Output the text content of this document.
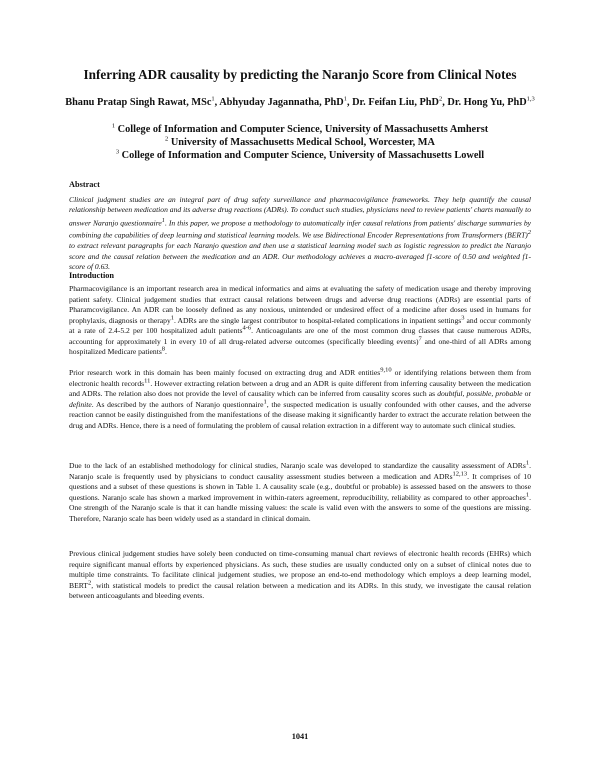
Inferring ADR causality by predicting the Naranjo Score from Clinical Notes
Bhanu Pratap Singh Rawat, MSc$^1$, Abhyuday Jagannatha, PhD$^1$, Dr. Feifan Liu, PhD$^2$, Dr. Hong Yu, PhD$^{1,3}$
$^1$ College of Information and Computer Science, University of Massachusetts Amherst
$^2$ University of Massachusetts Medical School, Worcester, MA
$^3$ College of Information and Computer Science, University of Massachusetts Lowell
Abstract
Clinical judgment studies are an integral part of drug safety surveillance and pharmacovigilance frameworks. They help quantify the causal relationship between medication and its adverse drug reactions (ADRs). To conduct such studies, physicians need to review patients' charts manually to answer Naranjo questionnaire$^1$. In this paper, we propose a methodology to automatically infer causal relations from patients' discharge summaries by combining the capabilities of deep learning and statistical learning models. We use Bidirectional Encoder Representations from Transformers (BERT)$^2$ to extract relevant paragraphs for each Naranjo question and then use a statistical learning model such as logistic regression to predict the Naranjo score and the causal relation between the medication and an ADR. Our methodology achieves a macro-averaged f1-score of 0.50 and weighted f1-score of 0.63.
Introduction
Pharmacovigilance is an important research area in medical informatics and aims at evaluating the safety of medication usage and thereby improving patient safety. Clinical judgement studies that extract causal relations between drugs and adverse drug reactions (ADRs) are essential parts of Pharamcovigilance. An ADR can be loosely defined as any noxious, unintended or undesired effect of a medicine after doses used in humans for prophylaxis, diagnosis or therapy$^1$. ADRs are the single largest contributor to hospital-related complications in inpatient settings$^3$ and occur commonly at a rate of 2.4-5.2 per 100 hospitalized adult patients$^{4-6}$. Anticoagulants are one of the most common drug classes that cause numerous ADRs, accounting for approximately 1 in every 10 of all drug-related adverse outcomes (specifically bleeding events)$^7$ and one-third of all ADRs among hospitalized Medicare patients$^8$.
Prior research work in this domain has been mainly focused on extracting drug and ADR entities$^{9,10}$ or identifying relations between them from electronic health records$^{11}$. However extracting relation between a drug and an ADR is quite different from inferring causality between the medication and ADRs. The relation also does not provide the level of causality which can be inferred from causality scores such as doubtful, possible, probable or definite. As described by the authors of Naranjo questionnaire$^1$, the suspected medication is usually confounded with other causes, and the adverse reaction cannot be easily distinguished from the manifestations of the disease making it significantly harder to extract the accurate relation between the drug and ADRs. Hence, there is a need of formulating the problem of causal relation extraction in a different way to automate such clinical studies.
Due to the lack of an established methodology for clinical studies, Naranjo scale was developed to standardize the causality assessment of ADRs$^1$. Naranjo scale is frequently used by physicians to conduct causality assessment studies between a medication and ADRs$^{12,13}$. It comprises of 10 questions and a subset of these questions is shown in Table 1. A causality scale (e.g., doubtful or probable) is assessed based on the answers to those questions. Naranjo scale has shown a marked improvement in within-raters agreement, reproducibility, reliability as compared to other approaches$^1$. One strength of the Naranjo scale is that it can handle missing values: the scale is valid even with the answers to some of the questions are missing. Therefore, Naranjo scale has been widely used as a standard in clinical domain.
Previous clinical judgement studies have solely been conducted on time-consuming manual chart reviews of electronic health records (EHRs) which require significant manual efforts by experienced physicians. As such, these studies are usually conducted only on a subset of clinical notes due to multiple time constraints. To facilitate clinical judgement studies, we propose an end-to-end methodology which employs a deep learning model, BERT$^2$, with statistical models to predict the causal relation between a medication and its ADRs. In this study, we investigate the causal relation between anticoagulants and bleeding events.
1041
